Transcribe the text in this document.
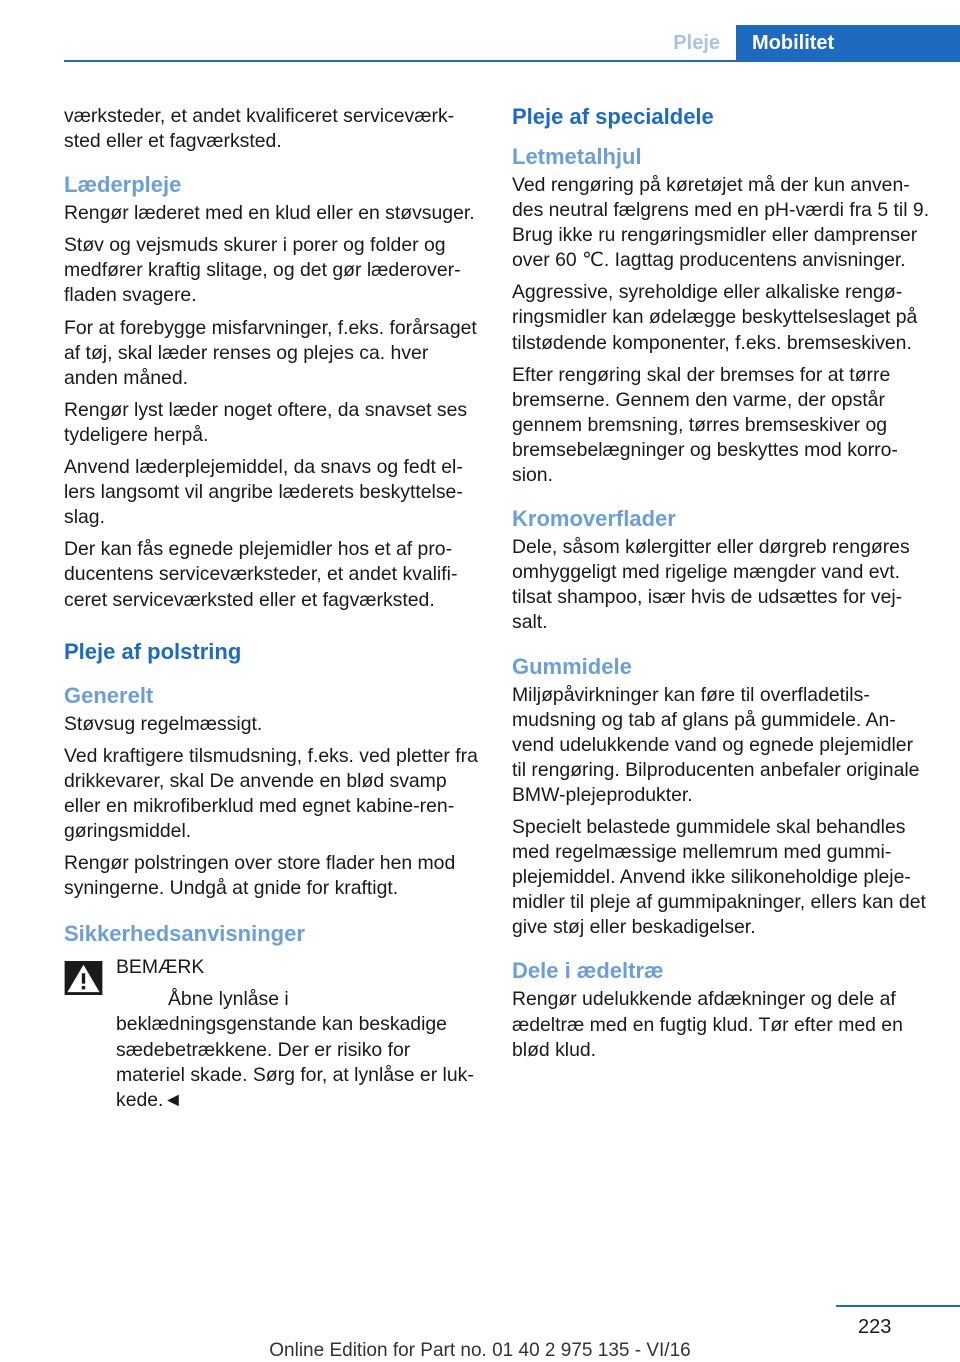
Pleje	Mobilitet

værksteder, et andet kvalificeret serviceværksted eller et fagværksted.

Læderpleje

Rengør læderet med en klud eller en støvsuger.

Støv og vejsmuds skurer i porer og folder og medfører kraftig slitage, og det gør læderoverfladen svagere.

For at forebygge misfarvninger, f.eks. forårsaget af tøj, skal læder renses og plejes ca. hver anden måned.

Rengør lyst læder noget oftere, da snavset ses tydeligere herpå.

Anvend læderplejemiddel, da snavs og fedt ellers langsomt vil angribe læderets beskyttelseslag.

Der kan fås egnede plejemidler hos et af producentens serviceværksteder, et andet kvalificeret serviceværksted eller et fagværksted.

Pleje af polstring
Generelt

Støvsug regelmæssigt.

Ved kraftigere tilsmudsning, f.eks. ved pletter fra drikkevarer, skal De anvende en blød svamp eller en mikrofiberklud med egnet kabine-rengøringsmiddel.

Rengør polstringen over store flader hen mod syningerne. Undgå at gnide for kraftigt.

Sikkerhedsanvisninger

BEMÆRK

Åbne lynlåse i beklædningsgenstande kan beskadige sædebetrækkene. Der er risiko for materiel skade. Sørg for, at lynlåse er lukkede.◄

Pleje af specialdele
Letmetalhjul

Ved rengøring på køretøjet må der kun anvendes neutral fælgrens med en pH-værdi fra 5 til 9. Brug ikke ru rengøringsmidler eller damprenser over 60 ℃. Iagttag producentens anvisninger.

Aggressive, syreholdige eller alkaliske rengøringsmidler kan ødelægge beskyttelseslaget på tilstødende komponenter, f.eks. bremseskiven.

Efter rengøring skal der bremses for at tørre bremserne. Gennem den varme, der opstår gennem bremsning, tørres bremseskiver og bremsebelægninger og beskyttes mod korrosion.

Kromoverflader

Dele, såsom kølergitter eller dørgreb rengøres omhyggeligt med rigelige mængder vand evt. tilsat shampoo, især hvis de udsættes for vejsalt.

Gummidele

Miljøpåvirkninger kan føre til overfladetilsmudsning og tab af glans på gummidele. Anvend udelukkende vand og egnede plejemidler til rengøring. Bilproducenten anbefaler originale BMW-plejeprodukter.

Specielt belastede gummidele skal behandles med regelmæssige mellemrum med gummiplejemiddel. Anvend ikke silikoneholdige plejemidler til pleje af gummipakninger, ellers kan det give støj eller beskadigelser.

Dele i ædeltræ

Rengør udelukkende afdækninger og dele af ædeltræ med en fugtig klud. Tør efter med en blød klud.

223
Online Edition for Part no. 01 40 2 975 135 - VI/16
